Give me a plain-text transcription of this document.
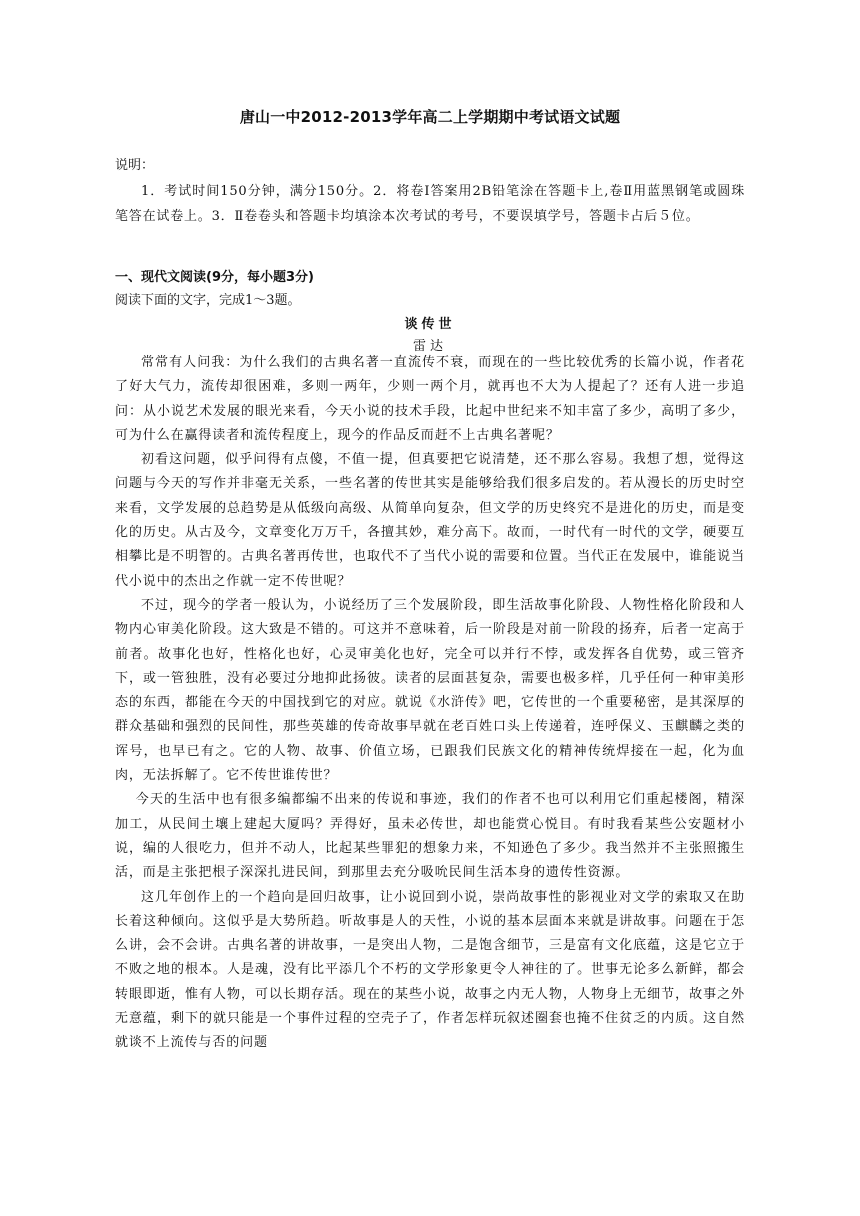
唐山一中2012-2013学年高二上学期期中考试语文试题
说明：
1．考试时间150分钟，满分150分。2．将卷Ⅰ答案用2B铅笔涂在答题卡上,卷Ⅱ用蓝黑钢笔或圆珠笔答在试卷上。3．Ⅱ卷卷头和答题卡均填涂本次考试的考号，不要误填学号，答题卡占后５位。
一、现代文阅读(9分，每小题3分)
阅读下面的文字，完成1～3题。
谈传世
雷达

常常有人问我：为什么我们的古典名著一直流传不衰，而现在的一些比较优秀的长篇小说，作者花了好大气力，流传却很困难，多则一两年，少则一两个月，就再也不大为人提起了？还有人进一步追问：从小说艺术发展的眼光来看，今天小说的技术手段，比起中世纪来不知丰富了多少，高明了多少，可为什么在赢得读者和流传程度上，现今的作品反而赶不上古典名著呢？

初看这问题，似乎问得有点傻，不值一提，但真要把它说清楚，还不那么容易。我想了想，觉得这问题与今天的写作并非毫无关系，一些名著的传世其实是能够给我们很多启发的。若从漫长的历史时空来看，文学发展的总趋势是从低级向高级、从简单向复杂，但文学的历史终究不是进化的历史，而是变化的历史。从古及今，文章变化万万千，各擅其妙，难分高下。故而，一时代有一时代的文学，硬要互相攀比是不明智的。古典名著再传世，也取代不了当代小说的需要和位置。当代正在发展中，谁能说当代小说中的杰出之作就一定不传世呢？

不过，现今的学者一般认为，小说经历了三个发展阶段，即生活故事化阶段、人物性格化阶段和人物内心审美化阶段。这大致是不错的。可这并不意味着，后一阶段是对前一阶段的扬弃，后者一定高于前者。故事化也好，性格化也好，心灵审美化也好，完全可以并行不悖，或发挥各自优势，或三管齐下，或一管独胜，没有必要过分地抑此扬彼。读者的层面甚复杂，需要也极多样，几乎任何一种审美形态的东西，都能在今天的中国找到它的对应。就说《水浒传》吧，它传世的一个重要秘密，是其深厚的群众基础和强烈的民间性，那些英雄的传奇故事早就在老百姓口头上传递着，连呼保义、玉麒麟之类的诨号，也早已有之。它的人物、故事、价值立场，已跟我们民族文化的精神传统焊接在一起，化为血肉，无法拆解了。它不传世谁传世？

今天的生活中也有很多编都编不出来的传说和事迹，我们的作者不也可以利用它们重起楼阁，精深加工，从民间土壤上建起大厦吗？弄得好，虽未必传世，却也能赏心悦目。有时我看某些公安题材小说，编的人很吃力，但并不动人，比起某些罪犯的想象力来，不知逊色了多少。我当然并不主张照搬生活，而是主张把根子深深扎进民间，到那里去充分吸吮民间生活本身的遗传性资源。

这几年创作上的一个趋向是回归故事，让小说回到小说，崇尚故事性的影视业对文学的索取又在助长着这种倾向。这似乎是大势所趋。听故事是人的天性，小说的基本层面本来就是讲故事。问题在于怎么讲，会不会讲。古典名著的讲故事，一是突出人物，二是饱含细节，三是富有文化底蕴，这是它立于不败之地的根本。人是魂，没有比平添几个不朽的文学形象更令人神往的了。世事无论多么新鲜，都会转眼即逝，惟有人物，可以长期存活。现在的某些小说，故事之内无人物，人物身上无细节，故事之外无意蕴，剩下的就只能是一个事件过程的空壳子了，作者怎样玩叙述圈套也掩不住贫乏的内质。这自然就谈不上流传与否的问题
